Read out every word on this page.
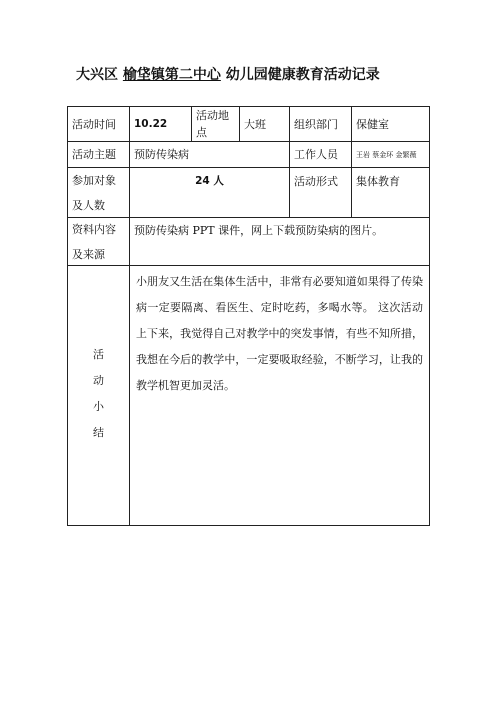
大兴区 榆垡镇第二中心 幼儿园健康教育活动记录
活动时间	10.22	活动地点	大班	组织部门	保健室
活动主题	预防传染病			工作人员	王岩 蔡金环 金繁薇

参加对象
及人数	24 人			活动形式	集体教育

资料内容
及来源	预防传染病 PPT 课件，网上下载预防染病的图片。				

活
动
小
结	小朋友又生活在集体生活中，非常有必要知道如果得了传染病一定要隔离、看医生、定时吃药，多喝水等。 这次活动上下来，我觉得自己对教学中的突发事情，有些不知所措，我想在今后的教学中，一定要吸取经验，不断学习，让我的教学机智更加灵活。				
